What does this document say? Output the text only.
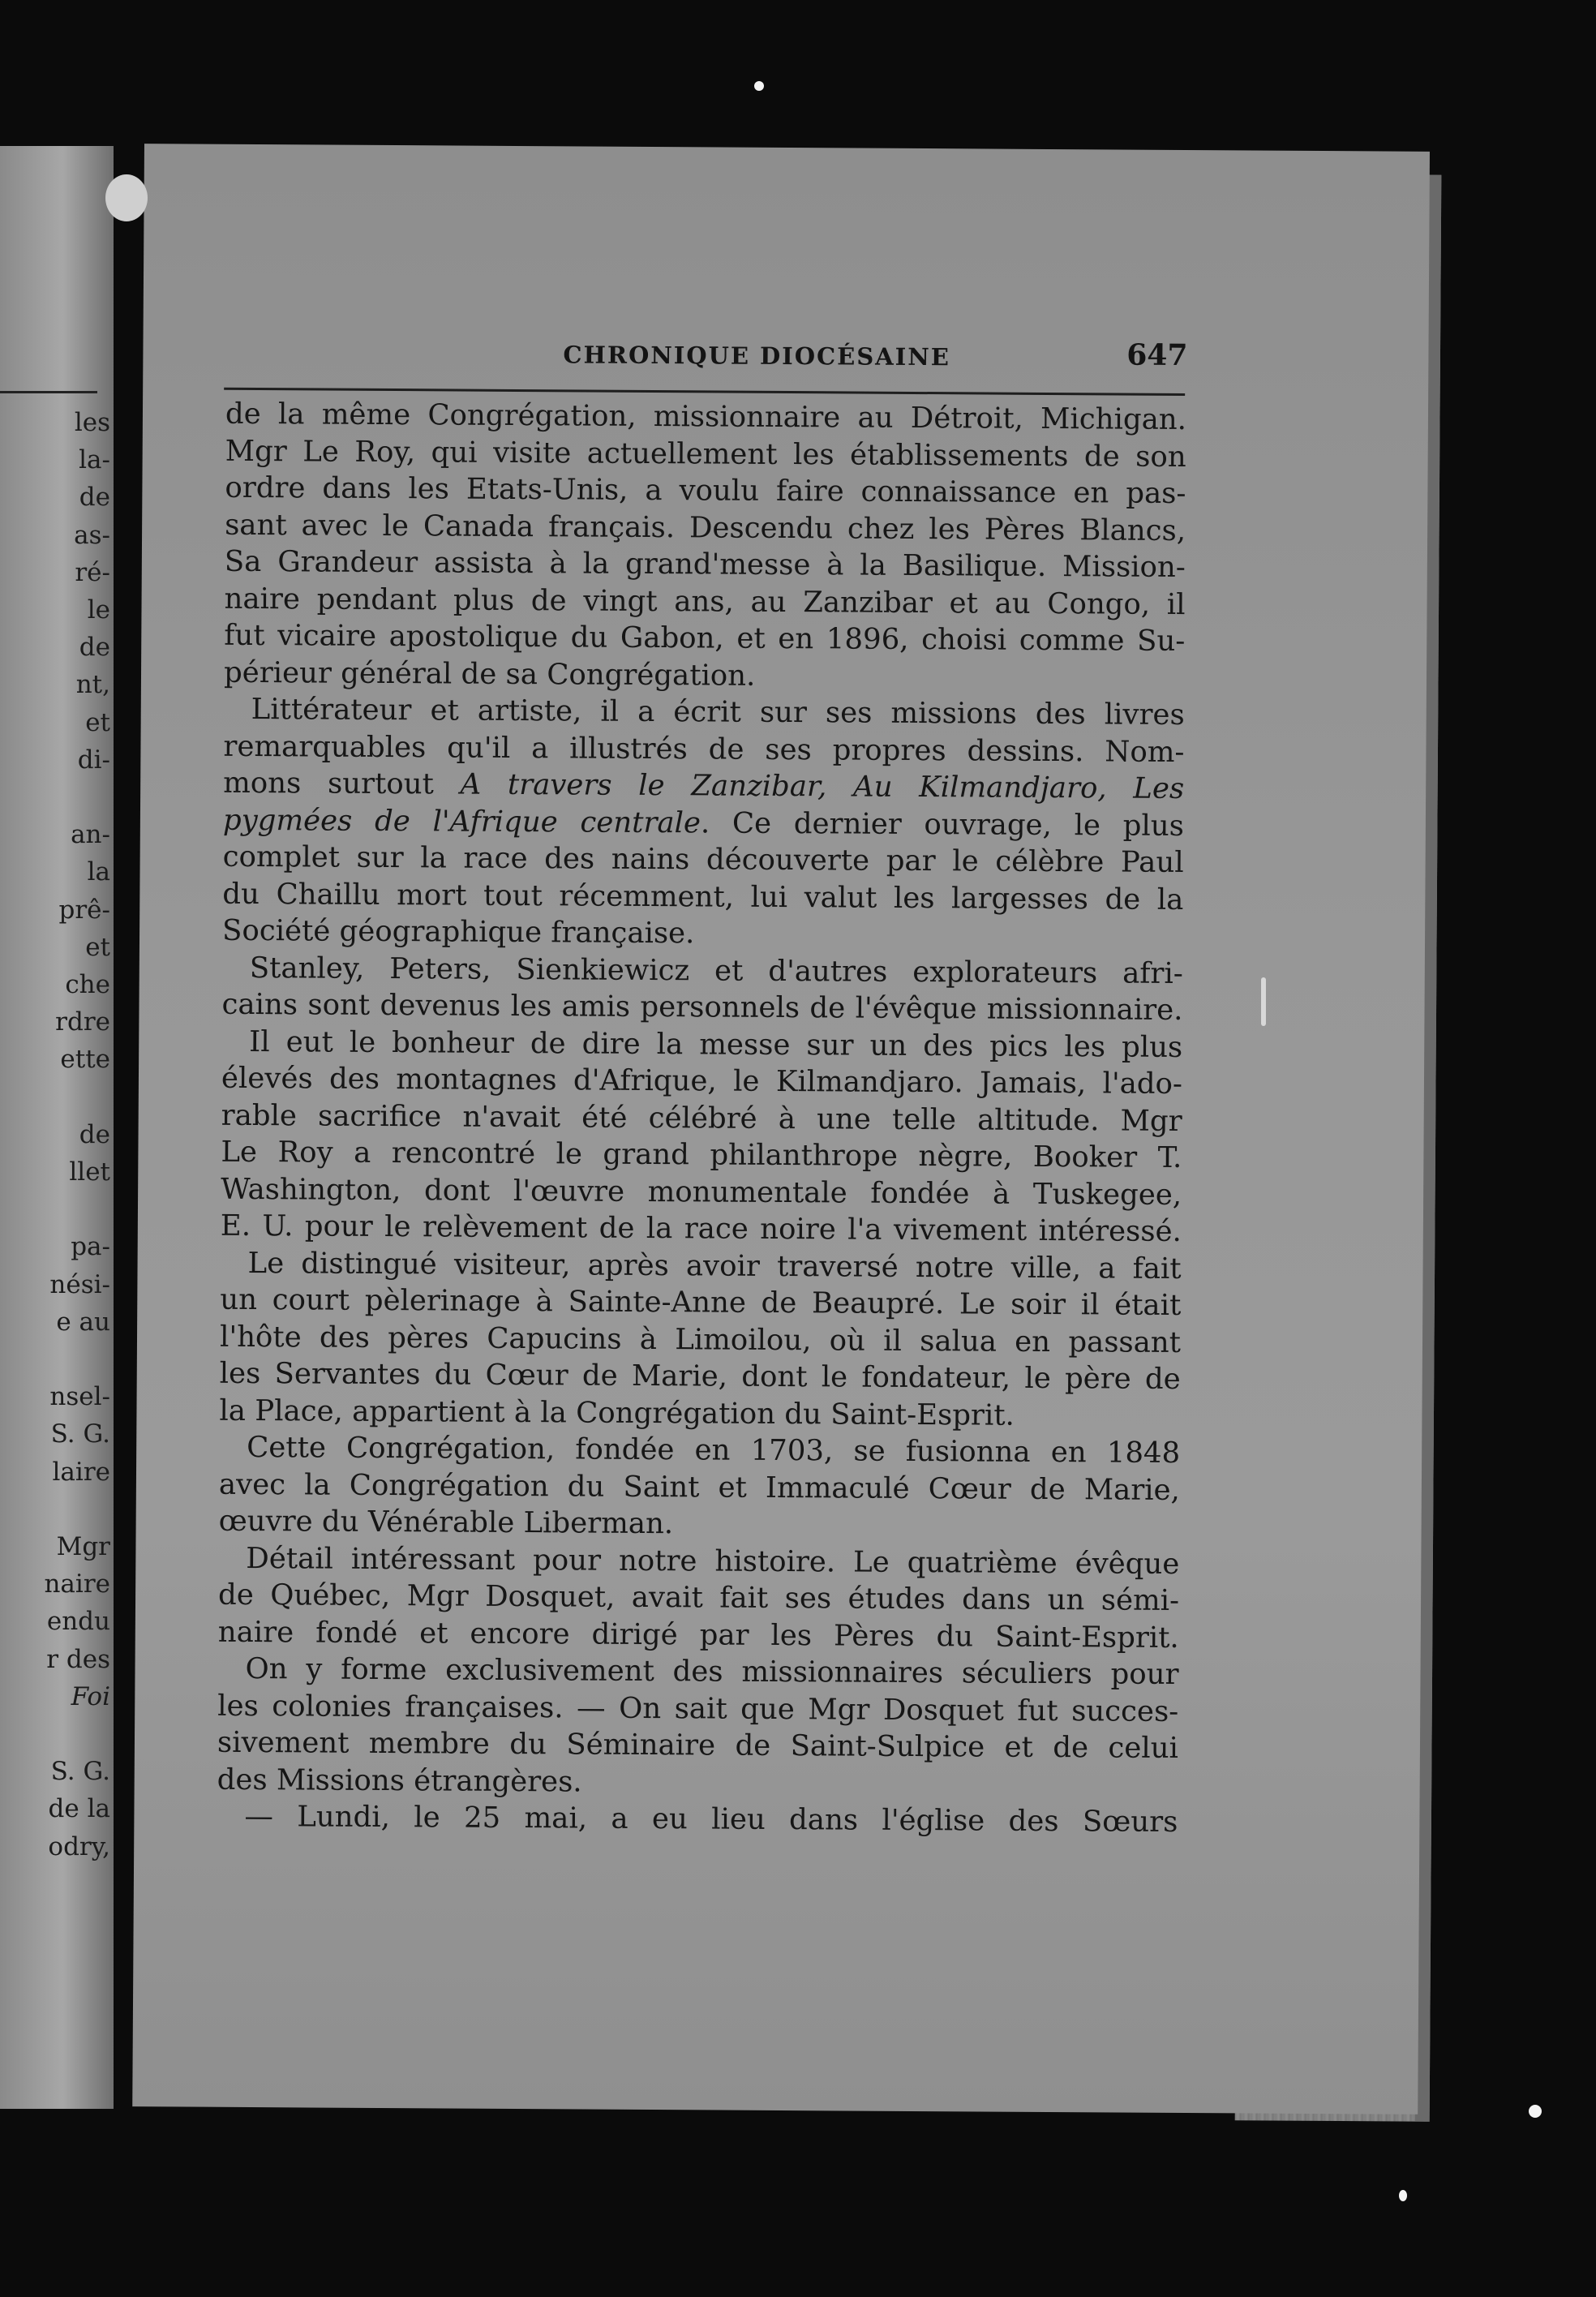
les
la-
de
as-
ré-
le
de
nt,
et
di-
an-
la
prê-
et
che
rdre
ette
de
llet
pa-
nési-
e au
nsel-
S. G.
laire
Mgr
naire
endu
r des
Foi
S. G.
de la
odry,
CHRONIQUE DIOCÉSAINE	647
de la même Congrégation, missionnaire au Détroit, Michigan.
Mgr Le Roy, qui visite actuellement les établissements de son
ordre dans les Etats-Unis, a voulu faire connaissance en pas-
sant avec le Canada français. Descendu chez les Pères Blancs,
Sa Grandeur assista à la grand'messe à la Basilique. Mission-
naire pendant plus de vingt ans, au Zanzibar et au Congo, il
fut vicaire apostolique du Gabon, et en 1896, choisi comme Su-
périeur général de sa Congrégation.
Littérateur et artiste, il a écrit sur ses missions des livres
remarquables qu'il a illustrés de ses propres dessins. Nom-
mons surtout A travers le Zanzibar, Au Kilmandjaro, Les
pygmées de l'Afrique centrale. Ce dernier ouvrage, le plus
complet sur la race des nains découverte par le célèbre Paul
du Chaillu mort tout récemment, lui valut les largesses de la
Société géographique française.
Stanley, Peters, Sienkiewicz et d'autres explorateurs afri-
cains sont devenus les amis personnels de l'évêque missionnaire.
Il eut le bonheur de dire la messe sur un des pics les plus
élevés des montagnes d'Afrique, le Kilmandjaro. Jamais, l'ado-
rable sacrifice n'avait été célébré à une telle altitude. Mgr
Le Roy a rencontré le grand philanthrope nègre, Booker T.
Washington, dont l'œuvre monumentale fondée à Tuskegee,
E. U. pour le relèvement de la race noire l'a vivement intéressé.
Le distingué visiteur, après avoir traversé notre ville, a fait
un court pèlerinage à Sainte-Anne de Beaupré. Le soir il était
l'hôte des pères Capucins à Limoilou, où il salua en passant
les Servantes du Cœur de Marie, dont le fondateur, le père de
la Place, appartient à la Congrégation du Saint-Esprit.
Cette Congrégation, fondée en 1703, se fusionna en 1848
avec la Congrégation du Saint et Immaculé Cœur de Marie,
œuvre du Vénérable Liberman.
Détail intéressant pour notre histoire. Le quatrième évêque
de Québec, Mgr Dosquet, avait fait ses études dans un sémi-
naire fondé et encore dirigé par les Pères du Saint-Esprit.
On y forme exclusivement des missionnaires séculiers pour
les colonies françaises. — On sait que Mgr Dosquet fut succes-
sivement membre du Séminaire de Saint-Sulpice et de celui
des Missions étrangères.
— Lundi, le 25 mai, a eu lieu dans l'église des Sœurs
